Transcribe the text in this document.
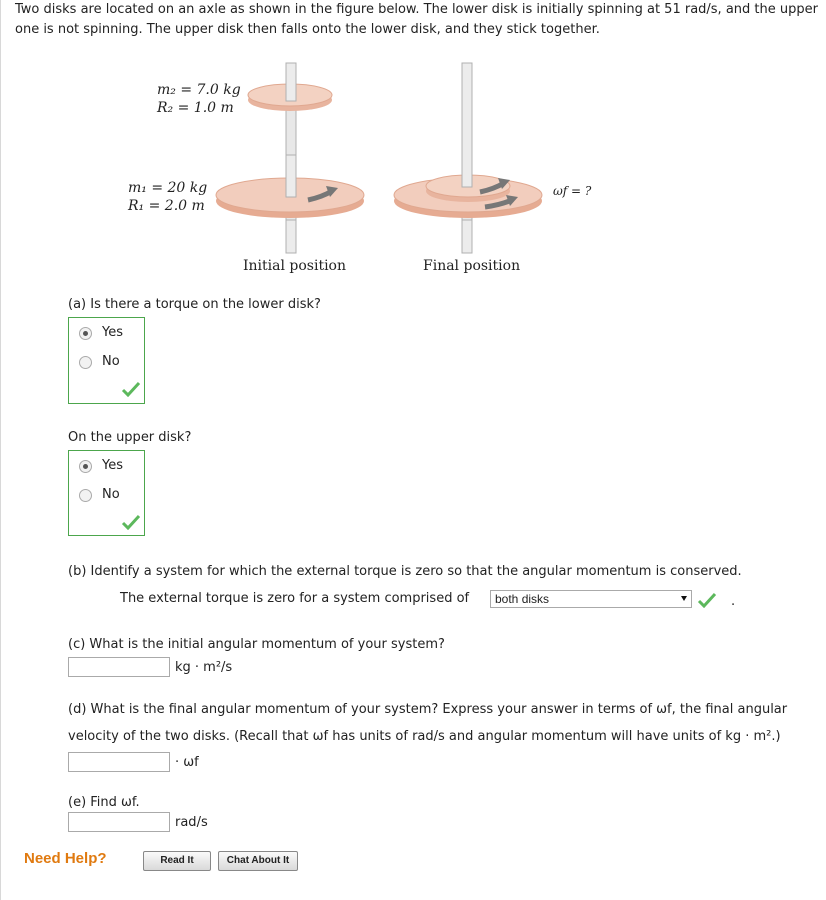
Two disks are located on an axle as shown in the figure below. The lower disk is initially spinning at 51 rad/s, and the upper one is not spinning. The upper disk then falls onto the lower disk, and they stick together.
m₂ = 7.0 kg
R₂ = 1.0 m
m₁ = 20 kg
R₁ = 2.0 m
ωf = ?
Initial position	Final position
(a) Is there a torque on the lower disk?
Yes
No
On the upper disk?
Yes
No
(b) Identify a system for which the external torque is zero so that the angular momentum is conserved.
The external torque is zero for a system comprised of	both disks	.
(c) What is the initial angular momentum of your system?
kg · m²/s
(d) What is the final angular momentum of your system? Express your answer in terms of ωf, the final angular
velocity of the two disks. (Recall that ωf has units of rad/s and angular momentum will have units of kg · m².)
· ωf
(e) Find ωf.
rad/s
Need Help?	Read It	Chat About It
